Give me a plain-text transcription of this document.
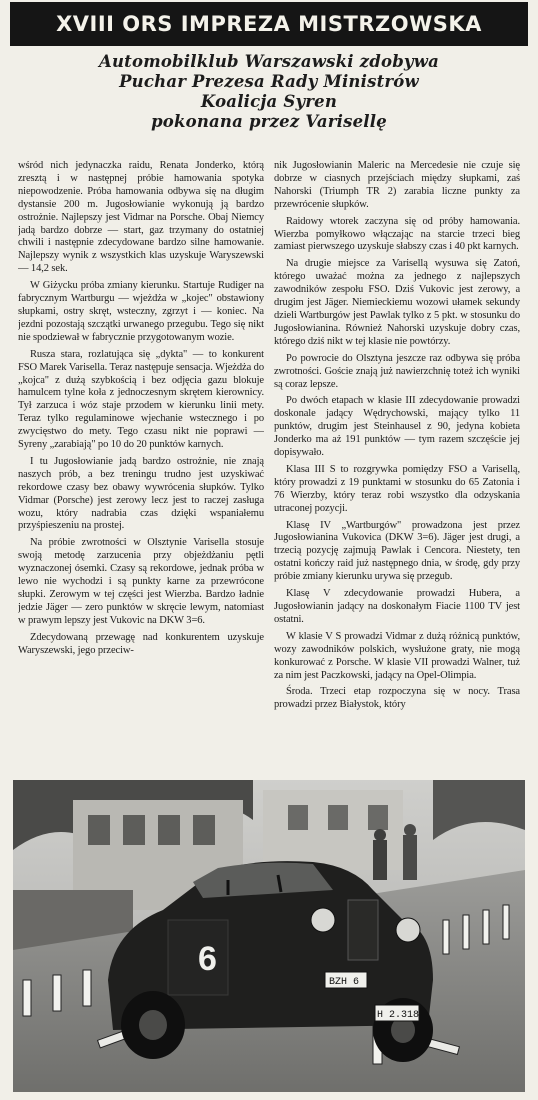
XVIII ORS IMPREZA MISTRZOWSKA
Automobilklub Warszawski zdobywa
Puchar Prezesa Rady Ministrów
Koalicja Syren
pokonana przez Varisellę

wśród nich jedynaczka raidu, Renata Jonderko, którą zresztą i w następnej próbie hamowania spotyka niepowodzenie. Próba hamowania odbywa się na długim dystansie 200 m. Jugosłowianie wykonują ją bardzo ostrożnie. Najlepszy jest Vidmar na Porsche. Obaj Niemcy jadą bardzo dobrze — start, gaz trzymany do ostatniej chwili i następnie zdecydowane bardzo silne hamowanie. Najlepszy wynik z wszystkich klas uzyskuje Waryszewski — 14,2 sek.

W Giżycku próba zmiany kierunku. Startuje Rudiger na fabrycznym Wartburgu — wjeżdża w „kojec" obstawiony słupkami, ostry skręt, wsteczny, zgrzyt i — koniec. Na jezdni pozostają szczątki urwanego przegubu. Tego się nikt nie spodziewał w fabrycznie przygotowanym wozie.

Rusza stara, rozlatująca się „dykta" — to konkurent FSO Marek Varisella. Teraz następuje sensacja. Wjeżdża do „kojca" z dużą szybkością i bez odjęcia gazu blokuje hamulcem tylne koła z jednoczesnym skrętem kierownicy. Tył zarzuca i wóz staje przodem w kierunku linii mety. Teraz tylko regulaminowe wjechanie wstecznego i po zwycięstwo do mety. Tego czasu nikt nie poprawi — Syreny „zarabiają" po 10 do 20 punktów karnych.

I tu Jugosłowianie jadą bardzo ostrożnie, nie znają naszych prób, a bez treningu trudno jest uzyskiwać rekordowe czasy bez obawy wywrócenia słupków. Tylko Vidmar (Porsche) jest zerowy lecz jest to raczej zasługa wozu, który nadrabia czas dzięki wspaniałemu przyśpieszeniu na prostej.

Na próbie zwrotności w Olsztynie Varisella stosuje swoją metodę zarzucenia przy objeżdżaniu pętli wyznaczonej ósemki. Czasy są rekordowe, jednak próba w lewo nie wychodzi i są punkty karne za przewrócone słupki. Zerowym w tej części jest Wierzba. Bardzo ładnie jedzie Jäger — zero punktów w skręcie lewym, natomiast w prawym lepszy jest Vukovic na DKW 3=6.

Zdecydowaną przewagę nad konkurentem uzyskuje Waryszewski, jego przeciw-

nik Jugosłowianin Maleric na Mercedesie nie czuje się dobrze w ciasnych przejściach między słupkami, zaś Nahorski (Triumph TR 2) zarabia liczne punkty za przewrócenie słupków.

Raidowy wtorek zaczyna się od próby hamowania. Wierzba pomyłkowo włączając na starcie trzeci bieg zamiast pierwszego uzyskuje słabszy czas i 40 pkt karnych.

Na drugie miejsce za Varisellą wysuwa się Zatoń, którego uważać można za jednego z najlepszych zawodników zespołu FSO. Dziś Vukovic jest zerowy, a drugim jest Jäger. Niemieckiemu wozowi ułamek sekundy dzieli Wartburgów jest Pawlak tylko z 5 pkt. w stosunku do Jugosłowianina. Również Nahorski uzyskuje dobry czas, którego dziś nikt w tej klasie nie powtórzy.

Po powrocie do Olsztyna jeszcze raz odbywa się próba zwrotności. Goście znają już nawierzchnię toteż ich wyniki są coraz lepsze.

Po dwóch etapach w klasie III zdecydowanie prowadzi doskonale jadący Wędrychowski, mający tylko 11 punktów, drugim jest Steinhausel z 90, jedyna kobieta Jonderko ma aż 191 punktów — tym razem szczęście jej dopisywało.

Klasa III S to rozgrywka pomiędzy FSO a Varisellą, który prowadzi z 19 punktami w stosunku do 65 Zatonia i 76 Wierzby, który teraz robi wszystko dla odzyskania utraconej pozycji.

Klasę IV „Wartburgów" prowadzona jest przez Jugosłowianina Vukovica (DKW 3=6). Jäger jest drugi, a trzecią pozycję zajmują Pawlak i Cencora. Niestety, ten ostatni kończy raid już następnego dnia, w środę, gdy przy próbie zmiany kierunku urywa się przegub.

Klasę V zdecydowanie prowadzi Huberа, a Jugosłowianin jadący na doskonałym Fiacie 1100 TV jest ostatni.

W klasie V S prowadzi Vidmar z dużą różnicą punktów, wozy zawodników polskich, wysłużone graty, nie mogą konkurować z Porsche. W klasie VII prowadzi Walner, tuż za nim jest Paczkowski, jadący na Opel-Olimpia.

Środa. Trzeci etap rozpoczyna się w nocy. Trasa prowadzi przez Białystok, który

6
BZH 6
H 2.318
